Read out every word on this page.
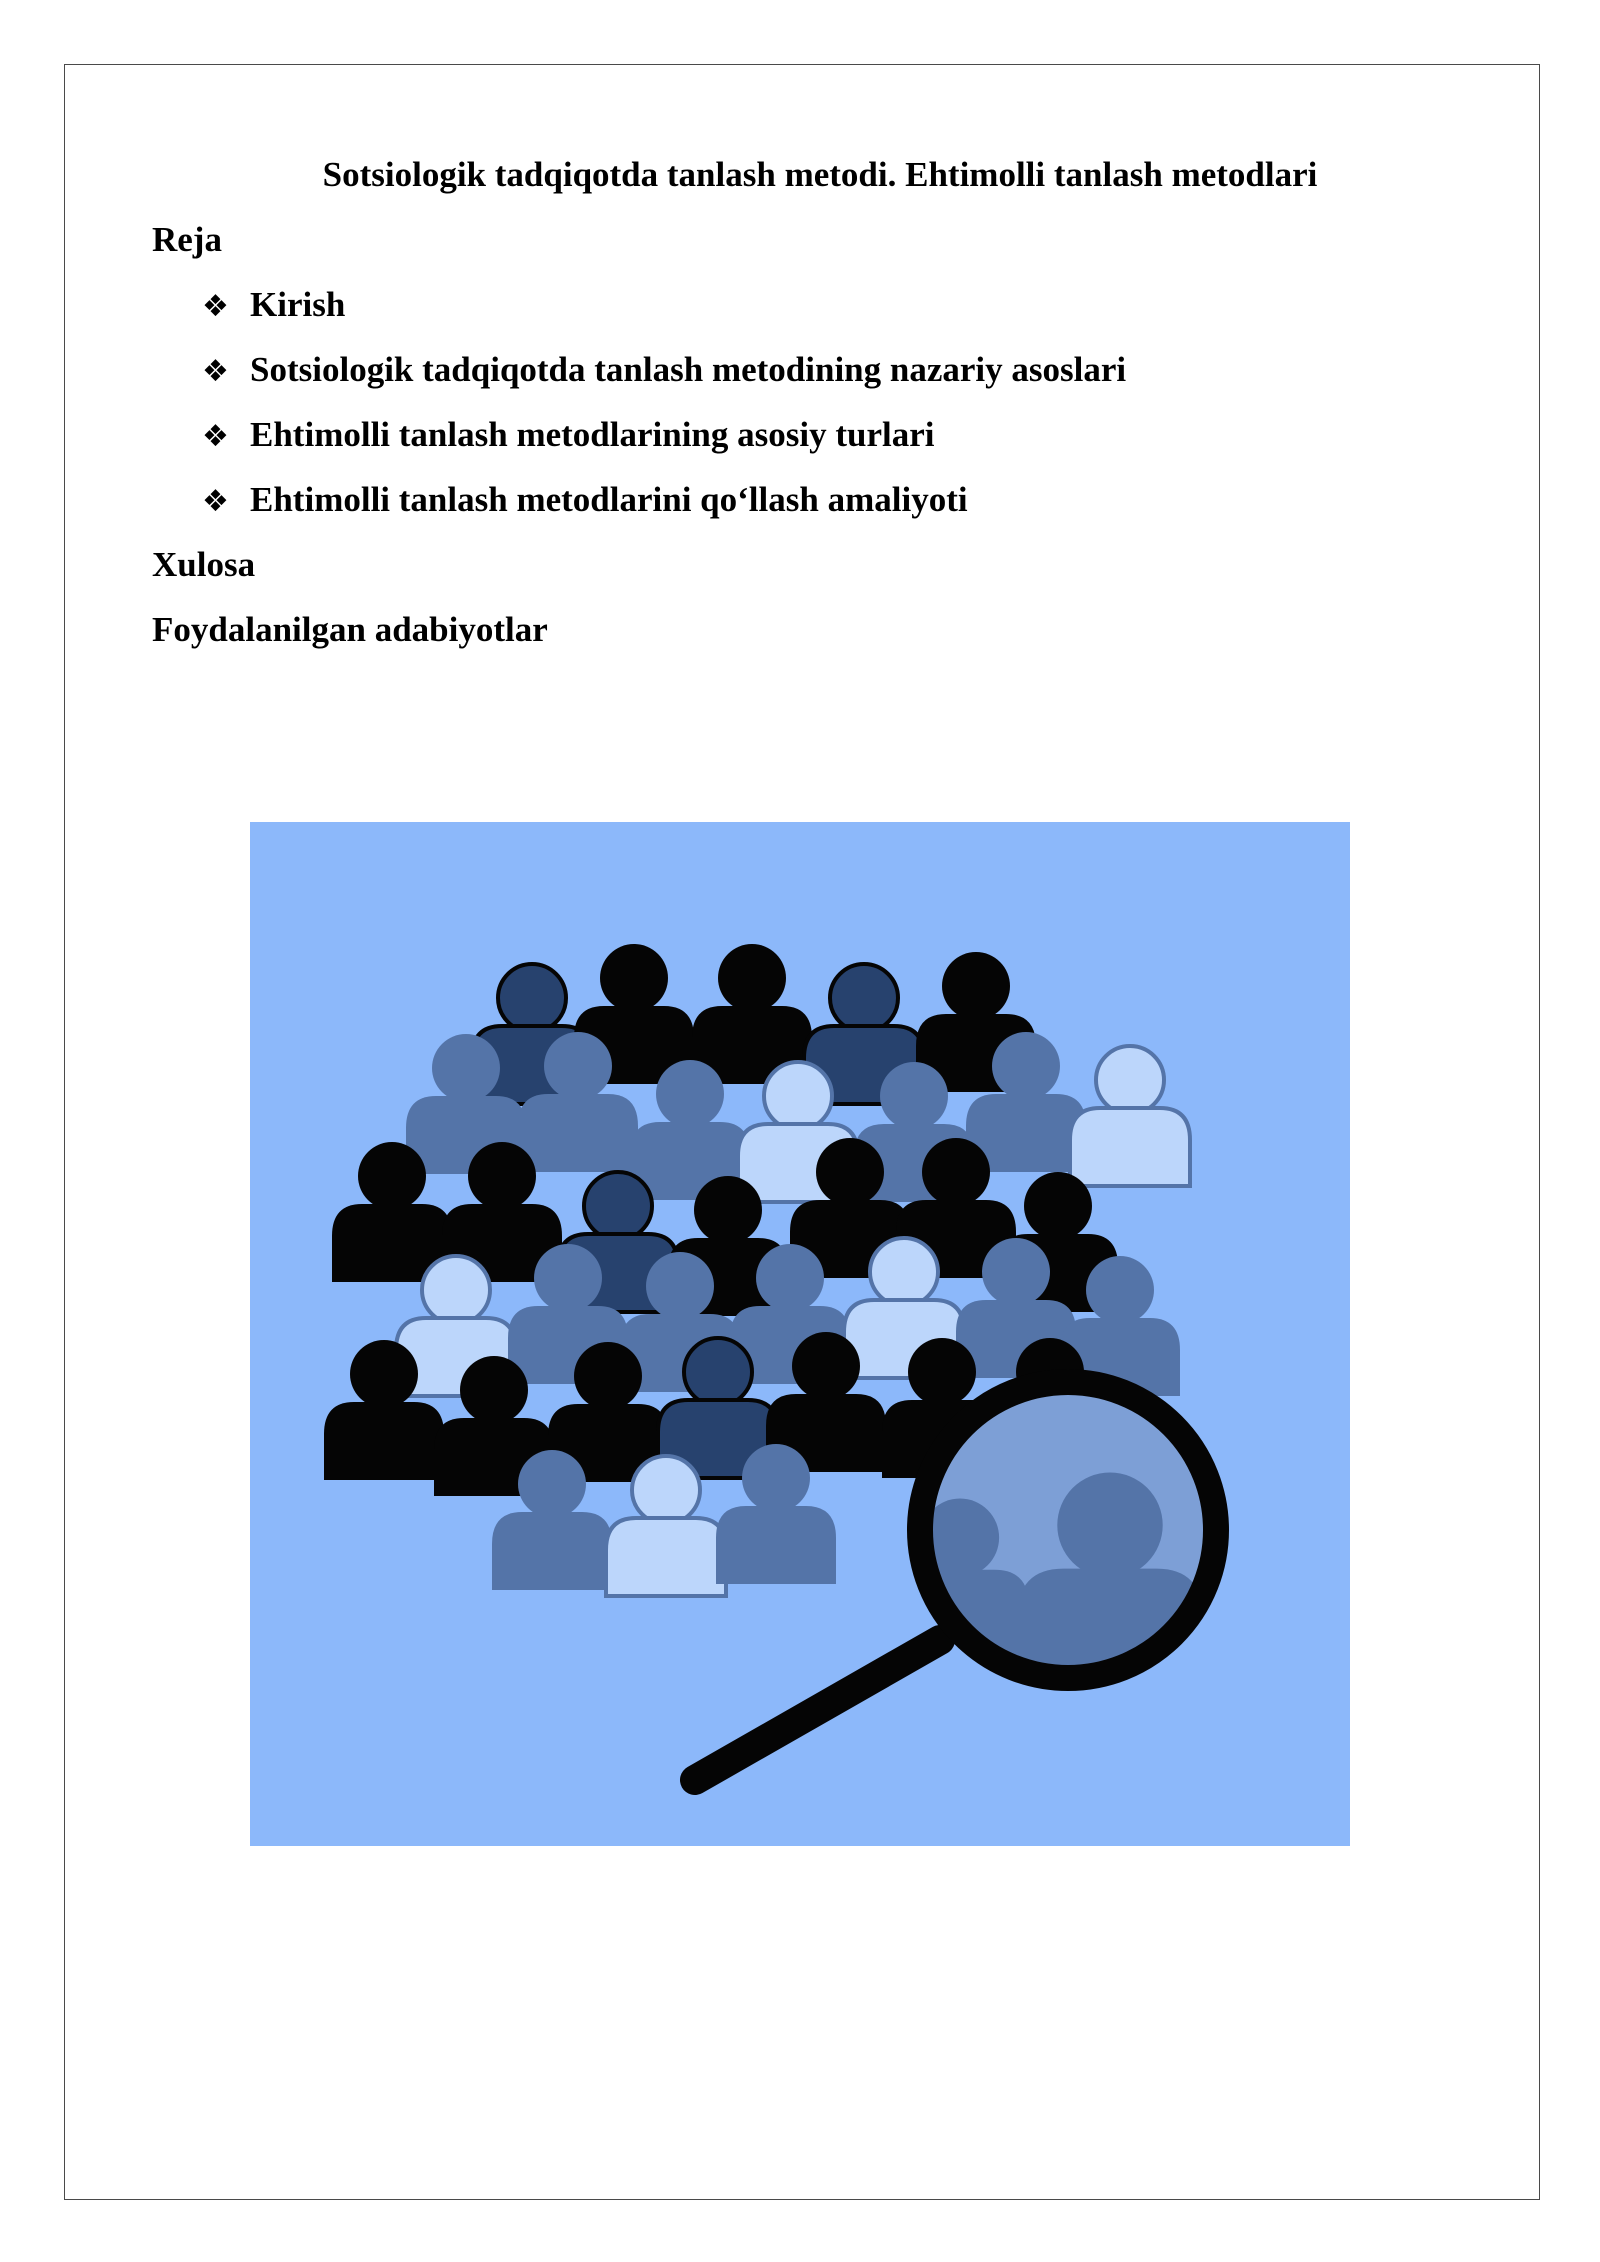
Sotsiologik tadqiqotda tanlash metodi. Ehtimolli tanlash metodlari
Reja
❖ Kirish
❖ Sotsiologik tadqiqotda tanlash metodining nazariy asoslari
❖ Ehtimolli tanlash metodlarining asosiy turlari
❖ Ehtimolli tanlash metodlarini qo‘llash amaliyoti
Xulosa
Foydalanilgan adabiyotlar
